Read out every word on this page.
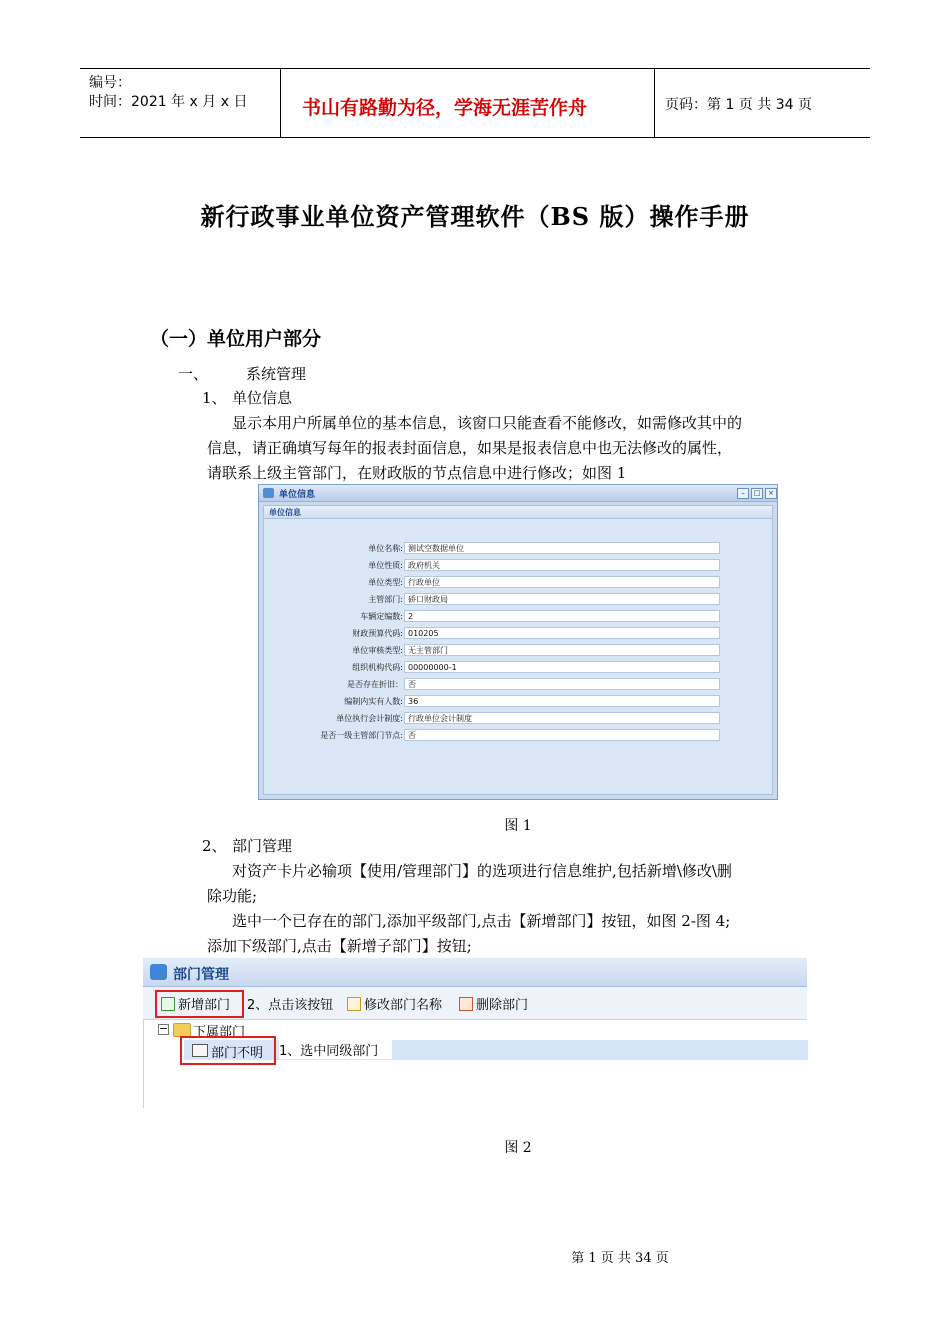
编号：
时间：2021 年 x 月 x 日	书山有路勤为径，学海无涯苦作舟	页码：第 1 页 共 34 页
新行政事业单位资产管理软件（BS 版）操作手册
（一）单位用户部分
一、	系统管理
1、 单位信息
显示本用户所属单位的基本信息，该窗口只能查看不能修改，如需修改其中的
信息，请正确填写每年的报表封面信息，如果是报表信息中也无法修改的属性，
请联系上级主管部门，在财政版的节点信息中进行修改；如图 1
单位信息	–	□	×
单位信息
单位名称: 测试空数据单位
单位性质: 政府机关
单位类型: 行政单位
主管部门: 硚口财政局
车辆定编数: 2
财政预算代码: 010205
单位审核类型: 无主管部门
组织机构代码: 00000000-1
是否存在折旧： 否
编制内实有人数: 36
单位执行会计制度: 行政单位会计制度
是否一级主管部门节点: 否
图 1
2、 部门管理
对资产卡片必输项【使用/管理部门】的选项进行信息维护,包括新增\修改\删
除功能;
选中一个已存在的部门,添加平级部门,点击【新增部门】按钮，如图 2-图 4;
添加下级部门,点击【新增子部门】按钮;
部门管理
新增部门 2、点击该按钮	修改部门名称	删除部门
− 下属部门
部门不明 1、选中同级部门
图 2
第 1 页 共 34 页
